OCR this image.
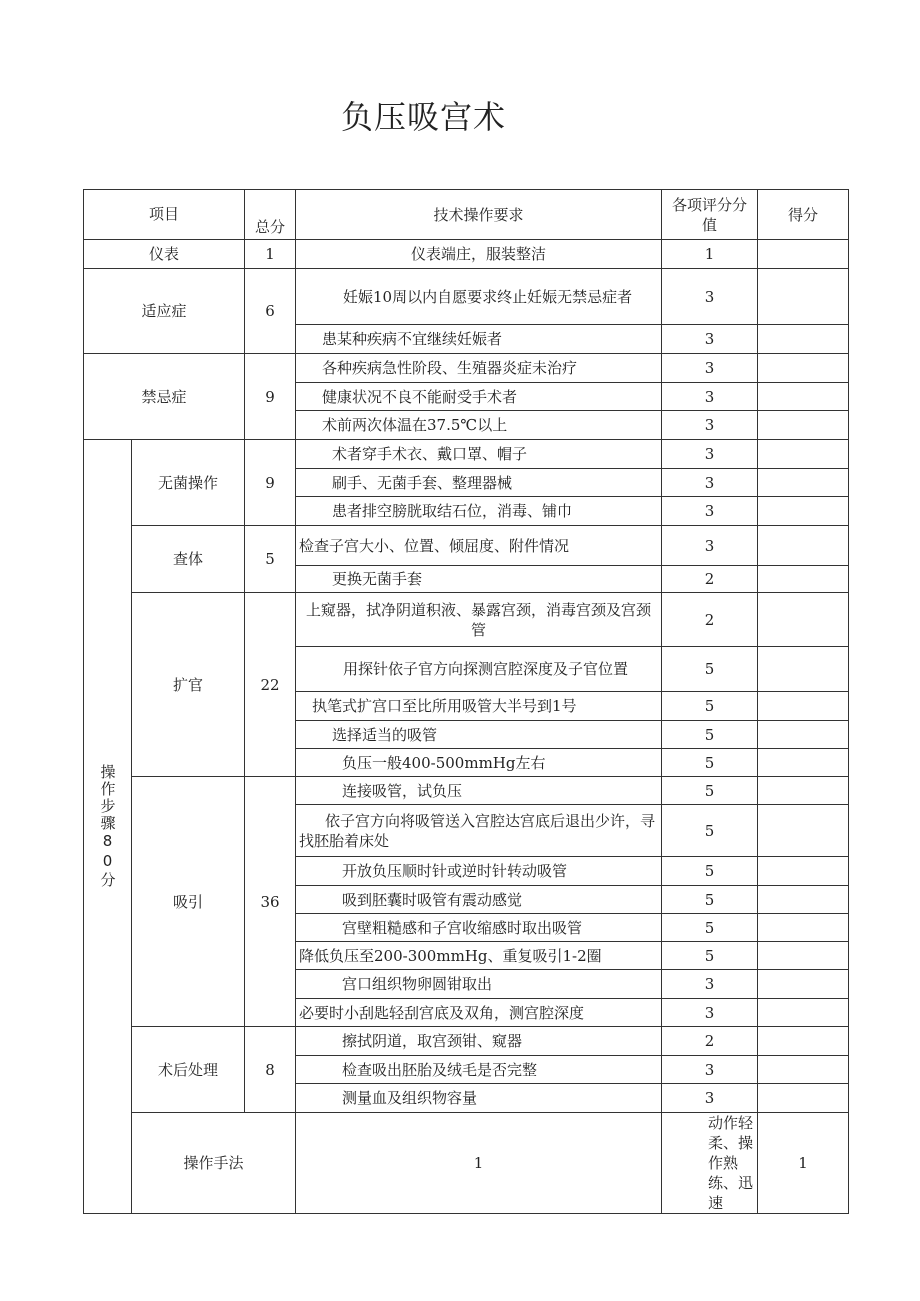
负压吸宫术
项目		总分	技术操作要求	各项评分分值	得分	
仪表		1	仪表端庄，服装整洁	1		
适应症		6	妊娠10周以内自愿要求终止妊娠无禁忌症者	3		
			患某种疾病不宜继续妊娠者	3		
禁忌症		9	各种疾病急性阶段、生殖器炎症未治疗	3		
			健康状况不良不能耐受手术者	3		
			术前两次体温在37.5℃以上	3		

操作步骤80分	无菌操作	9	术者穿手术衣、戴口罩、帽子	3		
			刷手、无菌手套、整理器械	3		
			患者排空膀胱取结石位，消毒、铺巾	3		
	查体	5	检查子宫大小、位置、倾屈度、附件情况	3		
			更换无菌手套	2		
	扩官	22	上窥器，拭净阴道积液、暴露宫颈，消毒宫颈及宫颈管	2		
			用探针依子官方向探测宫腔深度及子官位置	5		
			执笔式扩宫口至比所用吸管大半号到1号	5		
			选择适当的吸管	5		
			负压一般400-500mmHg左右	5		
	吸引	36	连接吸管，试负压	5		
			依子宫方向将吸管送入宫腔达宫底后退出少许，寻找胚胎着床处	5		
			开放负压顺时针或逆时针转动吸管	5		
			吸到胚囊时吸管有震动感觉	5		
			宫壁粗糙感和子宫收缩感时取出吸管	5		
			降低负压至200-300mmHg、重复吸引1-2圈	5		
			宫口组织物卵圆钳取出	3		
			必要时小刮匙轻刮宫底及双角，测宫腔深度	3		
	术后处理	8	擦拭阴道，取宫颈钳、窥器	2		
			检查吸出胚胎及绒毛是否完整	3		
			测量血及组织物容量	3		
	操作手法		1	动作轻柔、操作熟练、迅速	1	
